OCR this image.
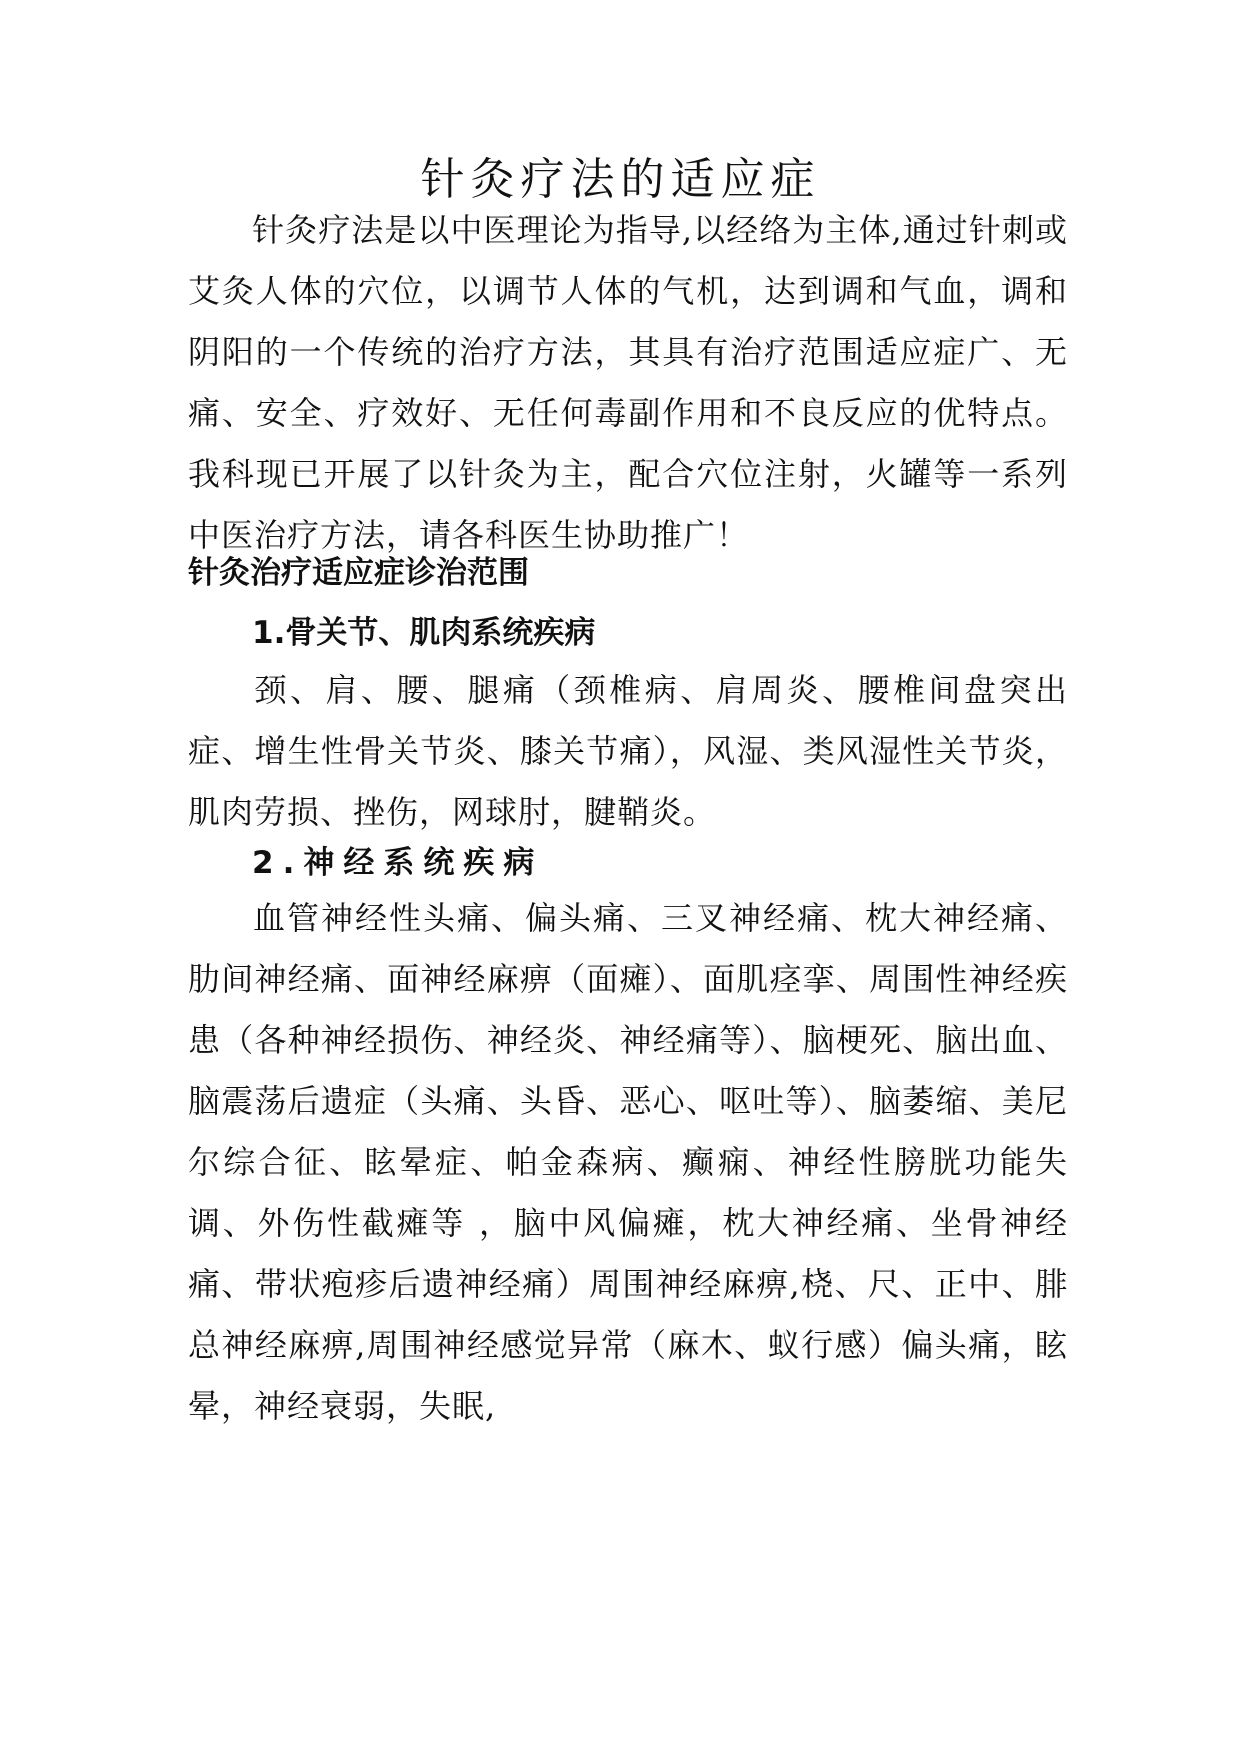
针灸疗法的适应症

针灸疗法是以中医理论为指导,以经络为主体,通过针刺或艾灸人体的穴位，以调节人体的气机，达到调和气血，调和阴阳的一个传统的治疗方法，其具有治疗范围适应症广、无痛、安全、疗效好、无任何毒副作用和不良反应的优特点。我科现已开展了以针灸为主，配合穴位注射，火罐等一系列中医治疗方法，请各科医生协助推广！

针灸治疗适应症诊治范围
1.骨关节、肌肉系统疾病

颈、肩、腰、腿痛（颈椎病、肩周炎、腰椎间盘突出症、增生性骨关节炎、膝关节痛），风湿、类风湿性关节炎，肌肉劳损、挫伤，网球肘，腱鞘炎。

2.神经系统疾病

血管神经性头痛、偏头痛、三叉神经痛、枕大神经痛、肋间神经痛、面神经麻痹（面瘫）、面肌痉挛、周围性神经疾患（各种神经损伤、神经炎、神经痛等）、脑梗死、脑出血、脑震荡后遗症（头痛、头昏、恶心、呕吐等）、脑萎缩、美尼尔综合征、眩晕症、帕金森病、癫痫、神经性膀胱功能失调、外伤性截瘫等 ，脑中风偏瘫，枕大神经痛、坐骨神经痛、带状疱疹后遗神经痛）周围神经麻痹,桡、尺、正中、腓总神经麻痹,周围神经感觉异常（麻木、蚁行感）偏头痛，眩晕，神经衰弱，失眠,
